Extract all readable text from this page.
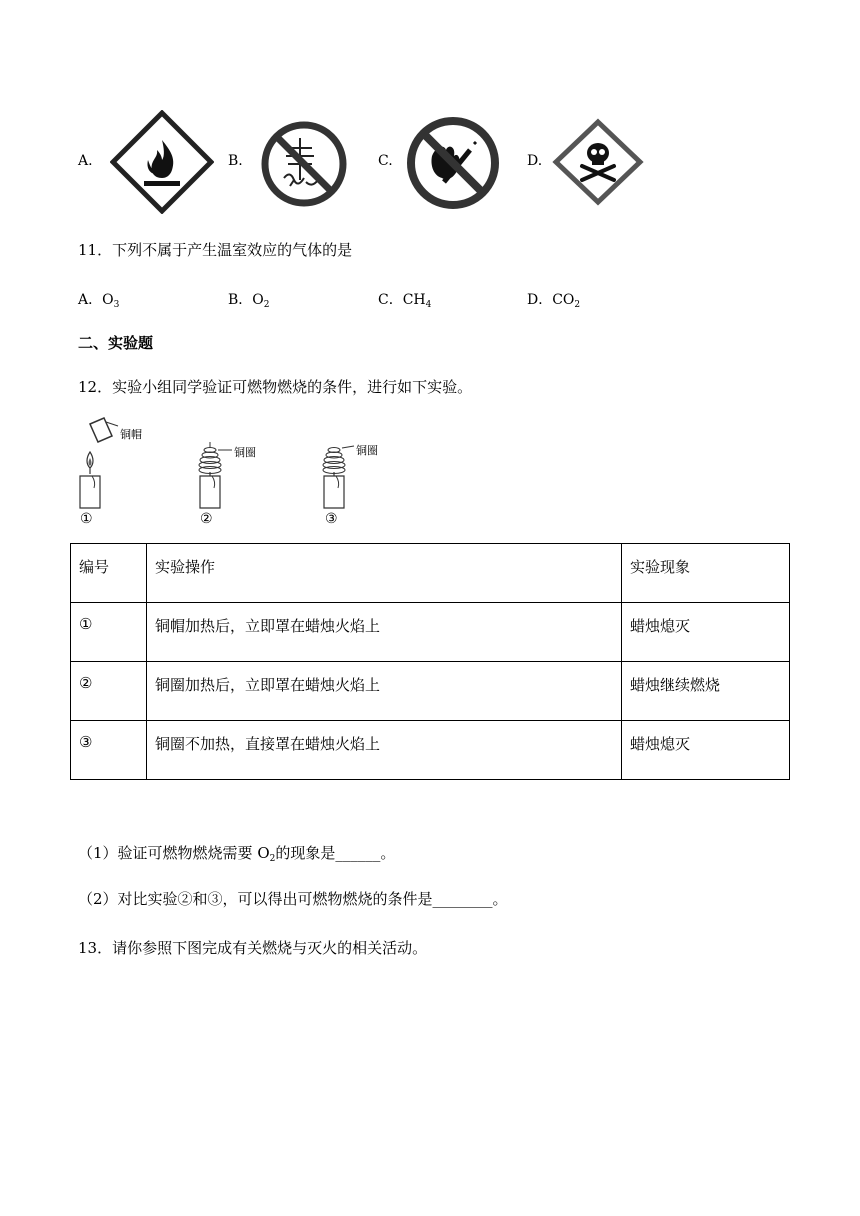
A.	B.	C.	D.
11．下列不属于产生温室效应的气体的是
A．$O_3$	B．$O_2$	C．$CH_4$	D．$CO_2$
二、实验题
12．实验小组同学验证可燃物燃烧的条件，进行如下实验。
铜帽
铜圈	铜圈
①	②	③
编号	实验操作	实验现象
①	铜帽加热后，立即罩在蜡烛火焰上	蜡烛熄灭
②	铜圈加热后，立即罩在蜡烛火焰上	蜡烛继续燃烧
③	铜圈不加热，直接罩在蜡烛火焰上	蜡烛熄灭
（1）验证可燃物燃烧需要 $O_2$的现象是______。
（2）对比实验②和③，可以得出可燃物燃烧的条件是________。
13．请你参照下图完成有关燃烧与灭火的相关活动。
